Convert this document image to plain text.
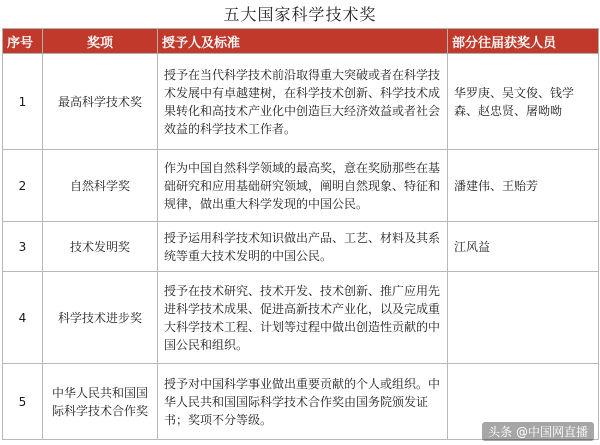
五大国家科学技术奖
序号	奖项	授予人及标准	部分往届获奖人员
1	最高科学技术奖	授予在当代科学技术前沿取得重大突破或者在科学技术发展中有卓越建树，在科学技术创新、科学技术成果转化和高技术产业化中创造巨大经济效益或者社会效益的科学技术工作者。	华罗庚、吴文俊、钱学森、赵忠贤、屠呦呦
2	自然科学奖	作为中国自然科学领域的最高奖，意在奖励那些在基础研究和应用基础研究领域，阐明自然现象、特征和规律，做出重大科学发现的中国公民。	潘建伟、王贻芳
3	技术发明奖	授予运用科学技术知识做出产品、工艺、材料及其系统等重大技术发明的中国公民。	江风益
4	科学技术进步奖	授予在技术研究、技术开发、技术创新、推广应用先进科学技术成果、促进高新技术产业化，以及完成重大科学技术工程、计划等过程中做出创造性贡献的中国公民和组织。	
5	中华人民共和国国际科学技术合作奖	授予对中国科学事业做出重要贡献的个人或组织。中华人民共和国国际科学技术合作奖由国务院颁发证书；奖项不分等级。	
头条 @中国网直播
